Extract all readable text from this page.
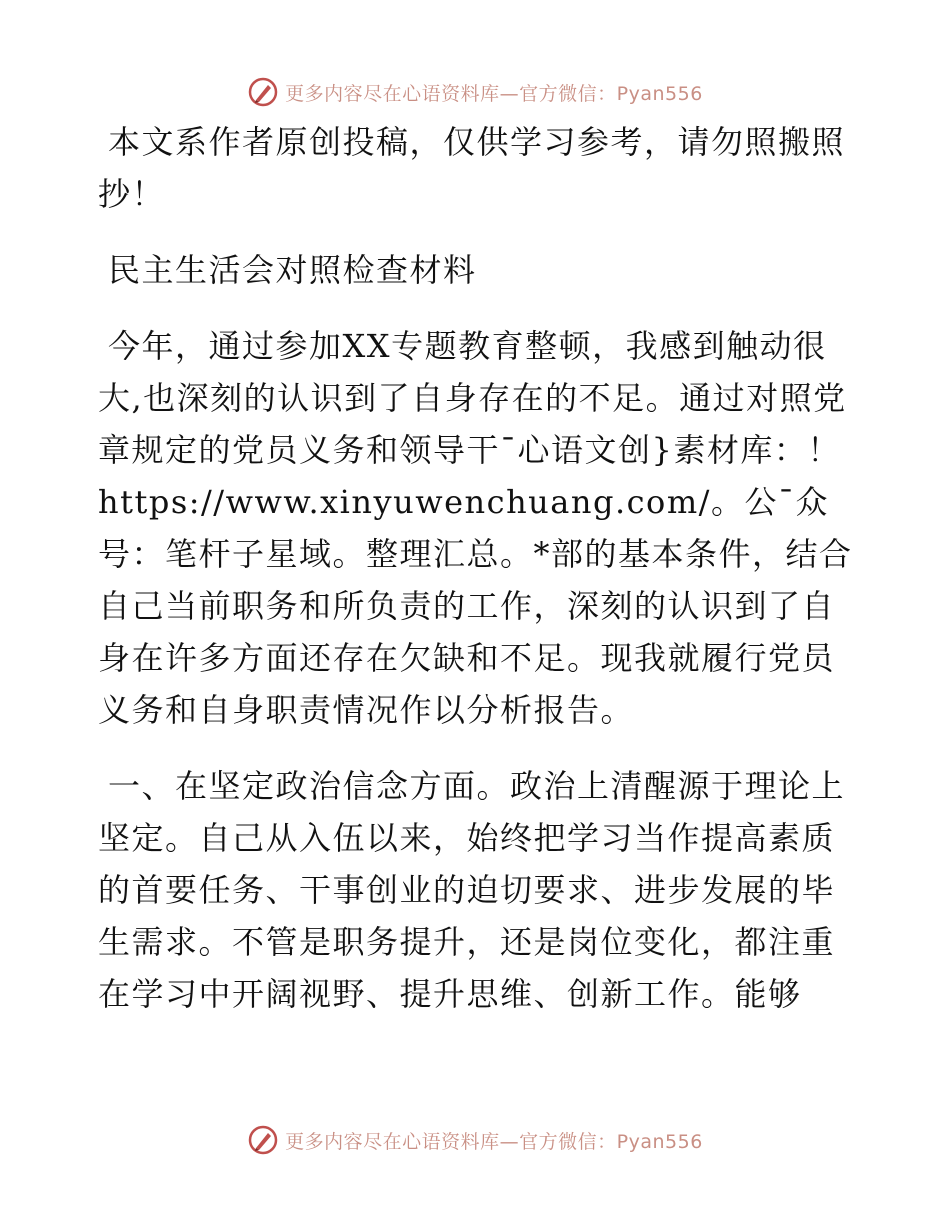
更多内容尽在心语资料库—官方微信：Pyan556

本文系作者原创投稿，仅供学习参考，请勿照搬照抄！

民主生活会对照检查材料

今年，通过参加XX专题教育整顿，我感到触动很大,也深刻的认识到了自身存在的不足。通过对照党章规定的党员义务和领导干¯心语文创}素材库：！https://www.xinyuwenchuang.com/。公¯众号：笔杆子星域。整理汇总。*部的基本条件，结合自己当前职务和所负责的工作，深刻的认识到了自身在许多方面还存在欠缺和不足。现我就履行党员义务和自身职责情况作以分析报告。

一、在坚定政治信念方面。政治上清醒源于理论上坚定。自己从入伍以来，始终把学习当作提高素质的首要任务、干事创业的迫切要求、进步发展的毕生需求。不管是职务提升，还是岗位变化，都注重在学习中开阔视野、提升思维、创新工作。能够

更多内容尽在心语资料库—官方微信：Pyan556
